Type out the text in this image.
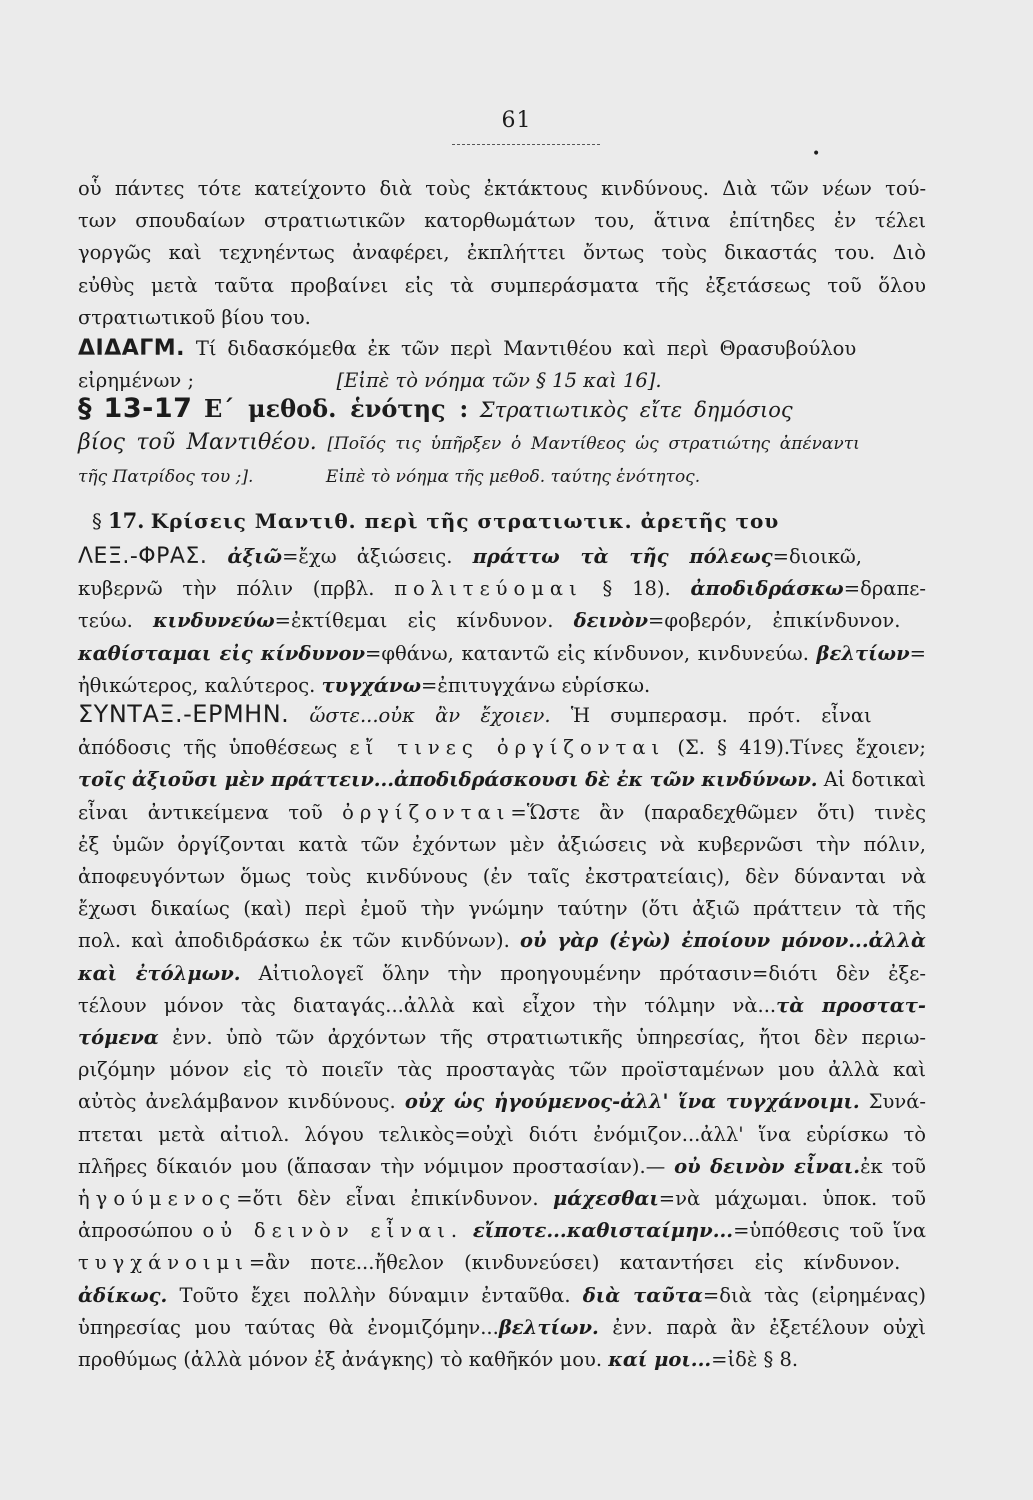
61
•
οὗ πάντες τότε κατείχοντο διὰ τοὺς ἐκτάκτους κινδύνους. Διὰ τῶν νέων τού-
των σπουδαίων στρατιωτικῶν κατορθωμάτων του, ἅτινα ἐπίτηδες ἐν τέλει
γοργῶς καὶ τεχνηέντως ἀναφέρει, ἐκπλήττει ὄντως τοὺς δικαστάς του. Διὸ
εὐθὺς μετὰ ταῦτα προβαίνει εἰς τὰ συμπεράσματα τῆς ἐξετάσεως τοῦ ὅλου
στρατιωτικοῦ βίου του.
ΔΙΔΑΓΜ. Τί διδασκόμεθα ἐκ τῶν περὶ Μαντιθέου καὶ περὶ Θρασυβούλου
εἰρημένων ;	[Εἰπὲ τὸ νόημα τῶν § 15 καὶ 16].
§ 13-17 Ε΄ μεθοδ. ἑνότης : Στρατιωτικὸς εἴτε δημόσιος
βίος τοῦ Μαντιθέου. [Ποῖός τις ὑπῆρξεν ὁ Μαντίθεος ὡς στρατιώτης ἀπέναντι
τῆς Πατρίδος του ;].	Εἰπὲ τὸ νόημα τῆς μεθοδ. ταύτης ἑνότητος.
§ 17. Κρίσεις Μαντιθ. περὶ τῆς στρατιωτικ. ἀρετῆς του
ΛΕΞ.-ΦΡΑΣ. ἀξιῶ=ἔχω ἀξιώσεις. πράττω τὰ τῆς πόλεως=διοικῶ,
κυβερνῶ τὴν πόλιν (πρβλ. πολιτεύομαι § 18). ἀποδιδράσκω=δραπε-
τεύω. κινδυνεύω=ἐκτίθεμαι εἰς κίνδυνον. δεινὸν=φοβερόν, ἐπικίνδυνον.
καθίσταμαι εἰς κίνδυνον=φθάνω, καταντῶ εἰς κίνδυνον, κινδυνεύω. βελτίων=
ἠθικώτερος, καλύτερος. τυγχάνω=ἐπιτυγχάνω εὑρίσκω.
ΣΥΝΤΑΞ.-ΕΡΜΗΝ. ὥστε...οὐκ ἂν ἔχοιεν. Ἡ συμπερασμ. πρότ. εἶναι
ἀπόδοσις τῆς ὑποθέσεως εἴ τινες ὀργίζονται (Σ. § 419).Τίνες ἔχοιεν;
τοῖς ἀξιοῦσι μὲν πράττειν...ἀποδιδράσκουσι δὲ ἐκ τῶν κινδύνων. Αἱ δοτικαὶ
εἶναι ἀντικείμενα τοῦ ὀργίζονται=Ὥστε ἂν (παραδεχθῶμεν ὅτι) τινὲς
ἐξ ὑμῶν ὀργίζονται κατὰ τῶν ἐχόντων μὲν ἀξιώσεις νὰ κυβερνῶσι τὴν πόλιν,
ἀποφευγόντων ὅμως τοὺς κινδύνους (ἐν ταῖς ἐκστρατείαις), δὲν δύνανται νὰ
ἔχωσι δικαίως (καὶ) περὶ ἐμοῦ τὴν γνώμην ταύτην (ὅτι ἀξιῶ πράττειν τὰ τῆς
πολ. καὶ ἀποδιδράσκω ἐκ τῶν κινδύνων). οὐ γὰρ (ἐγὼ) ἐποίουν μόνον...ἀλλὰ
καὶ ἐτόλμων. Αἰτιολογεῖ ὅλην τὴν προηγουμένην πρότασιν=διότι δὲν ἐξε-
τέλουν μόνον τὰς διαταγάς...ἀλλὰ καὶ εἶχον τὴν τόλμην νὰ...τὰ προστατ-
τόμενα ἐνν. ὑπὸ τῶν ἀρχόντων τῆς στρατιωτικῆς ὑπηρεσίας, ἤτοι δὲν περιω-
ριζόμην μόνον εἰς τὸ ποιεῖν τὰς προσταγὰς τῶν προϊσταμένων μου ἀλλὰ καὶ
αὐτὸς ἀνελάμβανον κινδύνους. οὐχ ὡς ἡγούμενος-ἀλλ' ἵνα τυγχάνοιμι. Συνά-
πτεται μετὰ αἰτιολ. λόγου τελικὸς=οὐχὶ διότι ἐνόμιζον...ἀλλ' ἵνα εὑρίσκω τὸ
πλῆρες δίκαιόν μου (ἅπασαν τὴν νόμιμον προστασίαν).— οὐ δεινὸν εἶναι.ἐκ τοῦ
ἡγούμενος=ὅτι δὲν εἶναι ἐπικίνδυνον. μάχεσθαι=νὰ μάχωμαι. ὑποκ. τοῦ
ἀπροσώπου οὐ δεινὸν εἶναι. εἴποτε...καθισταίμην...=ὑπόθεσις τοῦ ἵνα
τυγχάνοιμι=ἂν ποτε...ἤθελον (κινδυνεύσει) καταντήσει εἰς κίνδυνον.
ἀδίκως. Τοῦτο ἔχει πολλὴν δύναμιν ἐνταῦθα. διὰ ταῦτα=διὰ τὰς (εἰρημένας)
ὑπηρεσίας μου ταύτας θὰ ἐνομιζόμην...βελτίων. ἐνν. παρὰ ἂν ἐξετέλουν οὐχὶ
προθύμως (ἀλλὰ μόνον ἐξ ἀνάγκης) τὸ καθῆκόν μου. καί μοι...=ἰδὲ § 8.
